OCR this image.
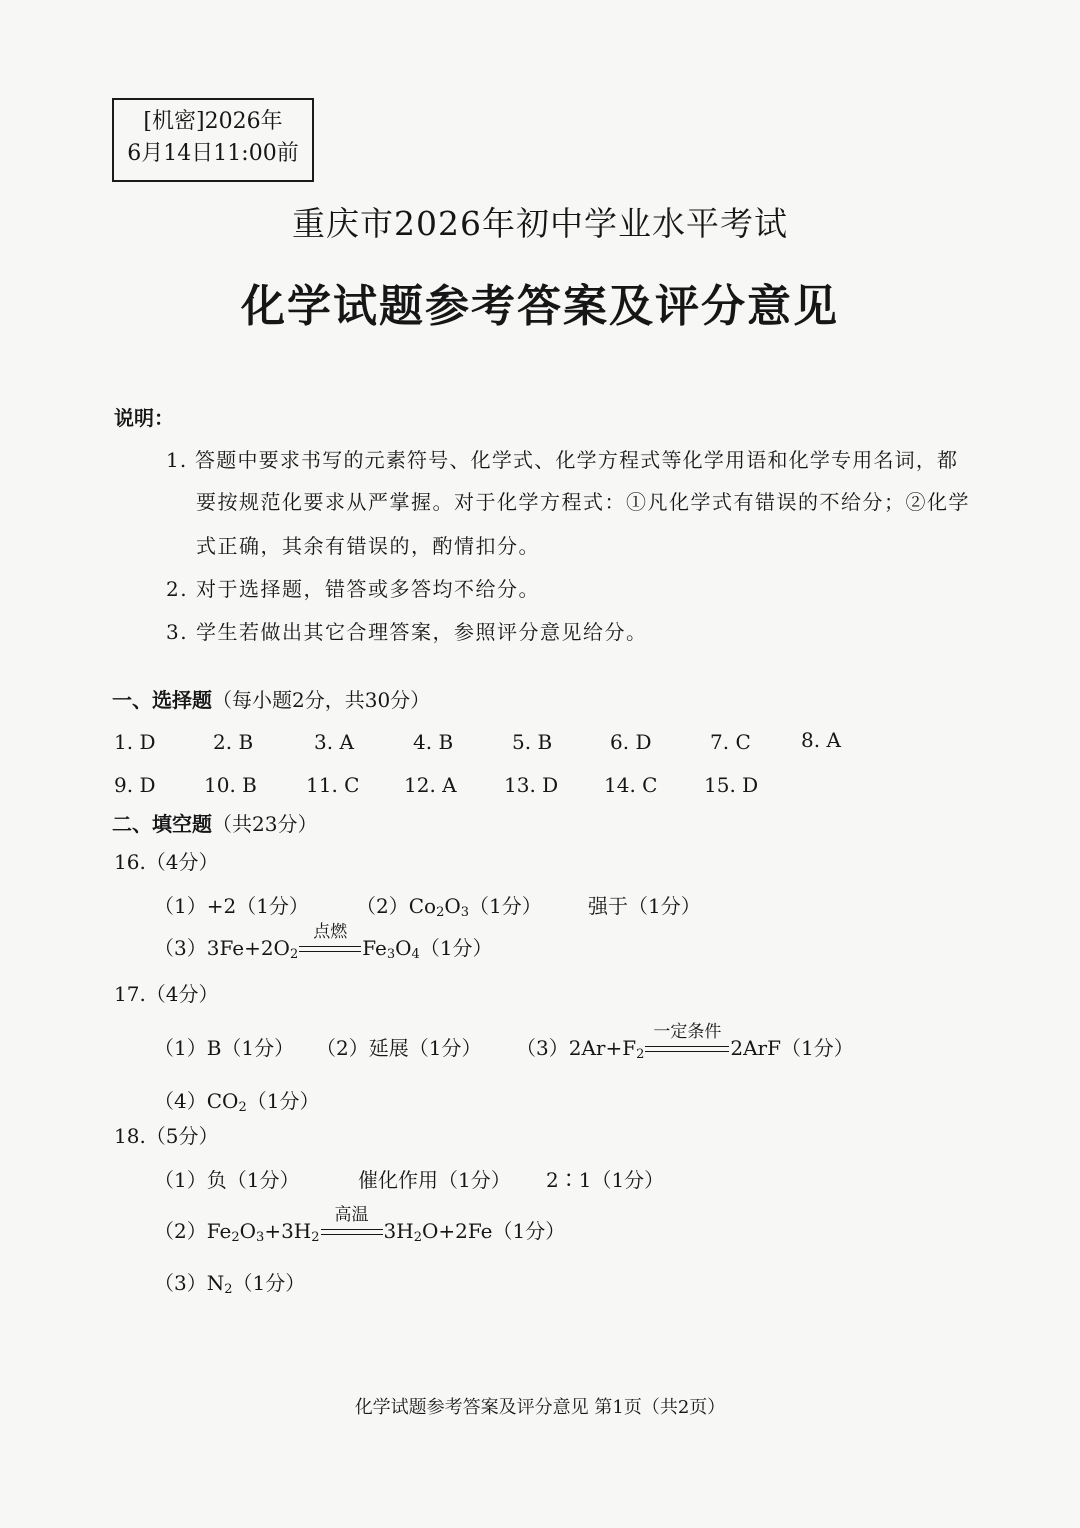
[机密]2026年
6月14日11:00前
重庆市2026年初中学业水平考试
化学试题参考答案及评分意见
说明：
1. 答题中要求书写的元素符号、化学式、化学方程式等化学用语和化学专用名词，都
要按规范化要求从严掌握。对于化学方程式：①凡化学式有错误的不给分；②化学
式正确，其余有错误的，酌情扣分。
2. 对于选择题，错答或多答均不给分。
3. 学生若做出其它合理答案，参照评分意见给分。
一、选择题（每小题2分，共30分）
1. D	2. B	3. A	4. B	5. B	6. D	7. C	8. A
9. D 10. B 11. C 12. A 13. D 14. C 15. D
二、填空题（共23分）
16.（4分）
（1）+2（1分） $(2)Co_2O_3(1$分） 强于（1分）
$(3)3Fe+2O_2$
点燃
$Fe_3O_4(1$分）
17.（4分）
（1）B（1分） （2）延展（1分） $(3)2Ar+F_2$
一定条件
2ArF（1分）
$(4)CO_2(1$分）
18.（5分）
（1）负（1分）	催化作用（1分） 2∶1（1分）
$(2)Fe_2O_3+3H_2$
高温
$3H_2O+2Fe(1$分）
$(3)N_2(1$分）
化学试题参考答案及评分意见 第1页（共2页）
